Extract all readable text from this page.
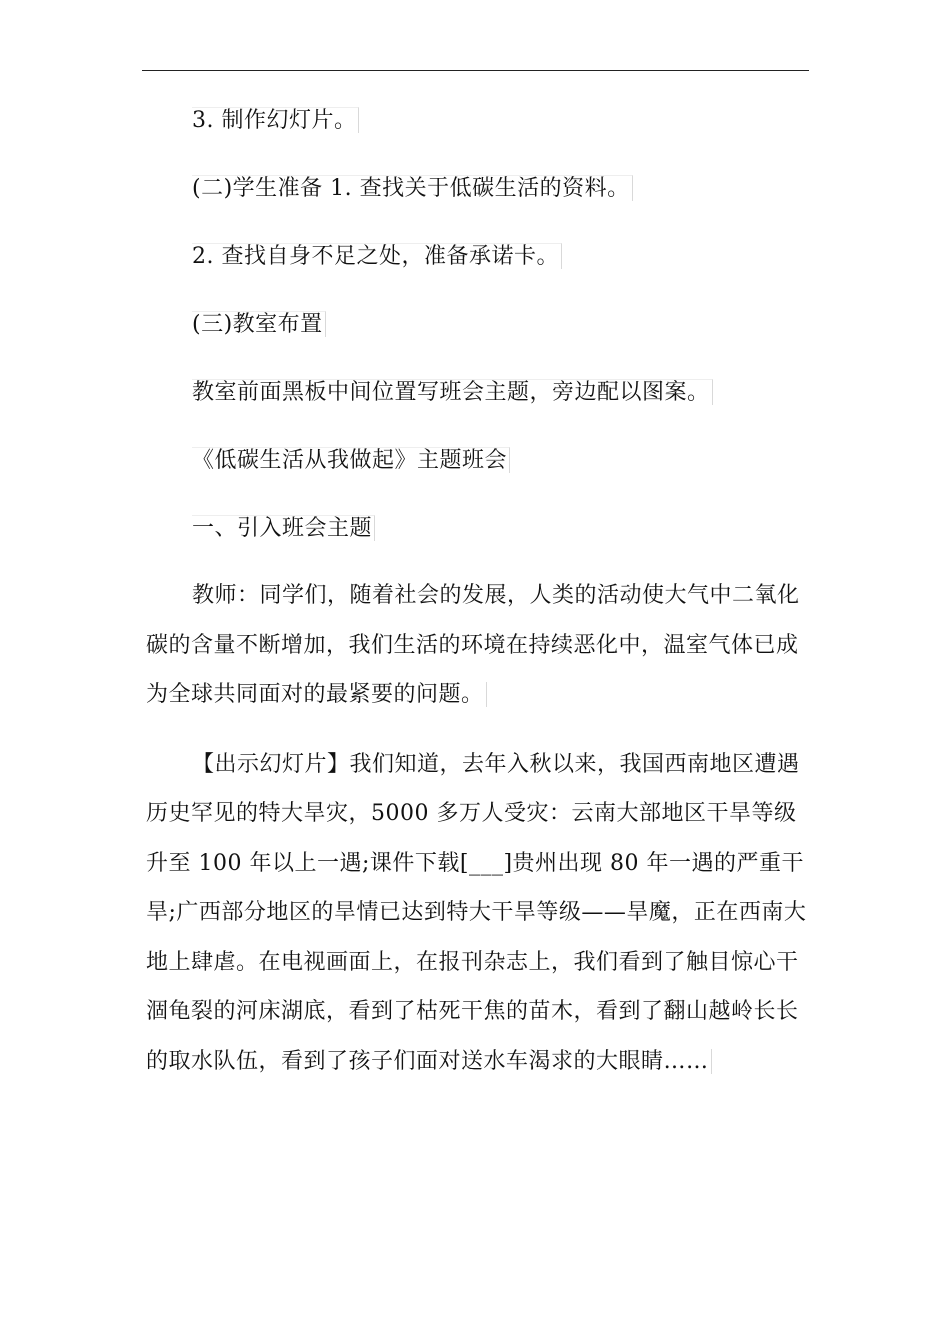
3. 制作幻灯片。

(二)学生准备 1. 查找关于低碳生活的资料。

2. 查找自身不足之处，准备承诺卡。

(三)教室布置

教室前面黑板中间位置写班会主题，旁边配以图案。

《低碳生活从我做起》主题班会

一、引入班会主题

教师：同学们，随着社会的发展，人类的活动使大气中二氧化碳的含量不断增加，我们生活的环境在持续恶化中，温室气体已成为全球共同面对的最紧要的问题。

【出示幻灯片】我们知道，去年入秋以来，我国西南地区遭遇历史罕见的特大旱灾，5000 多万人受灾：云南大部地区干旱等级升至 100 年以上一遇;课件下载[___]贵州出现 80 年一遇的严重干旱;广西部分地区的旱情已达到特大干旱等级——旱魔，正在西南大地上肆虐。在电视画面上，在报刊杂志上，我们看到了触目惊心干涸龟裂的河床湖底，看到了枯死干焦的苗木，看到了翻山越岭长长的取水队伍，看到了孩子们面对送水车渴求的大眼睛……
